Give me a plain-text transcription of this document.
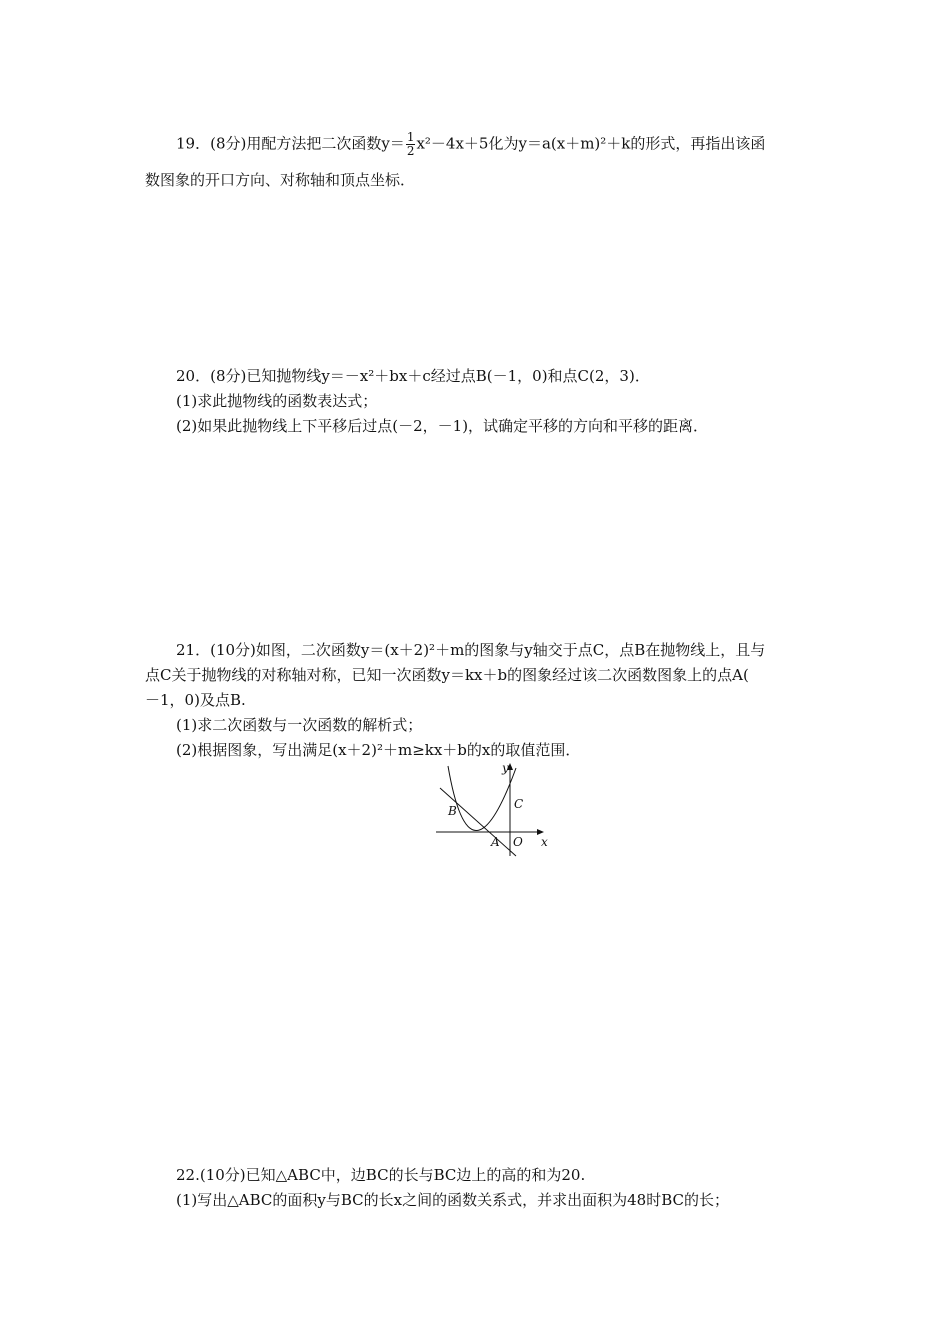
19．(8分)用配方法把二次函数$y= \frac{1}{2} x^2-4x+5$化为y＝a(x＋m)²＋k的形式，再指出该函
数图象的开口方向、对称轴和顶点坐标．
20．(8分)已知抛物线y＝－x²＋bx＋c经过点B(－1，0)和点C(2，3)．
(1)求此抛物线的函数表达式；
(2)如果此抛物线上下平移后过点(－2，－1)，试确定平移的方向和平移的距离．
21．(10分)如图，二次函数y＝(x＋2)²＋m的图象与y轴交于点C，点B在抛物线上，且与
点C关于抛物线的对称轴对称，已知一次函数y＝kx＋b的图象经过该二次函数图象上的点A(
－1，0)及点B.
(1)求二次函数与一次函数的解析式；
(2)根据图象，写出满足(x＋2)²＋m≥kx＋b的x的取值范围．
y
x
O
A
B	C
22.(10分)已知△ABC中，边BC的长与BC边上的高的和为20.
(1)写出△ABC的面积y与BC的长x之间的函数关系式，并求出面积为48时BC的长；
